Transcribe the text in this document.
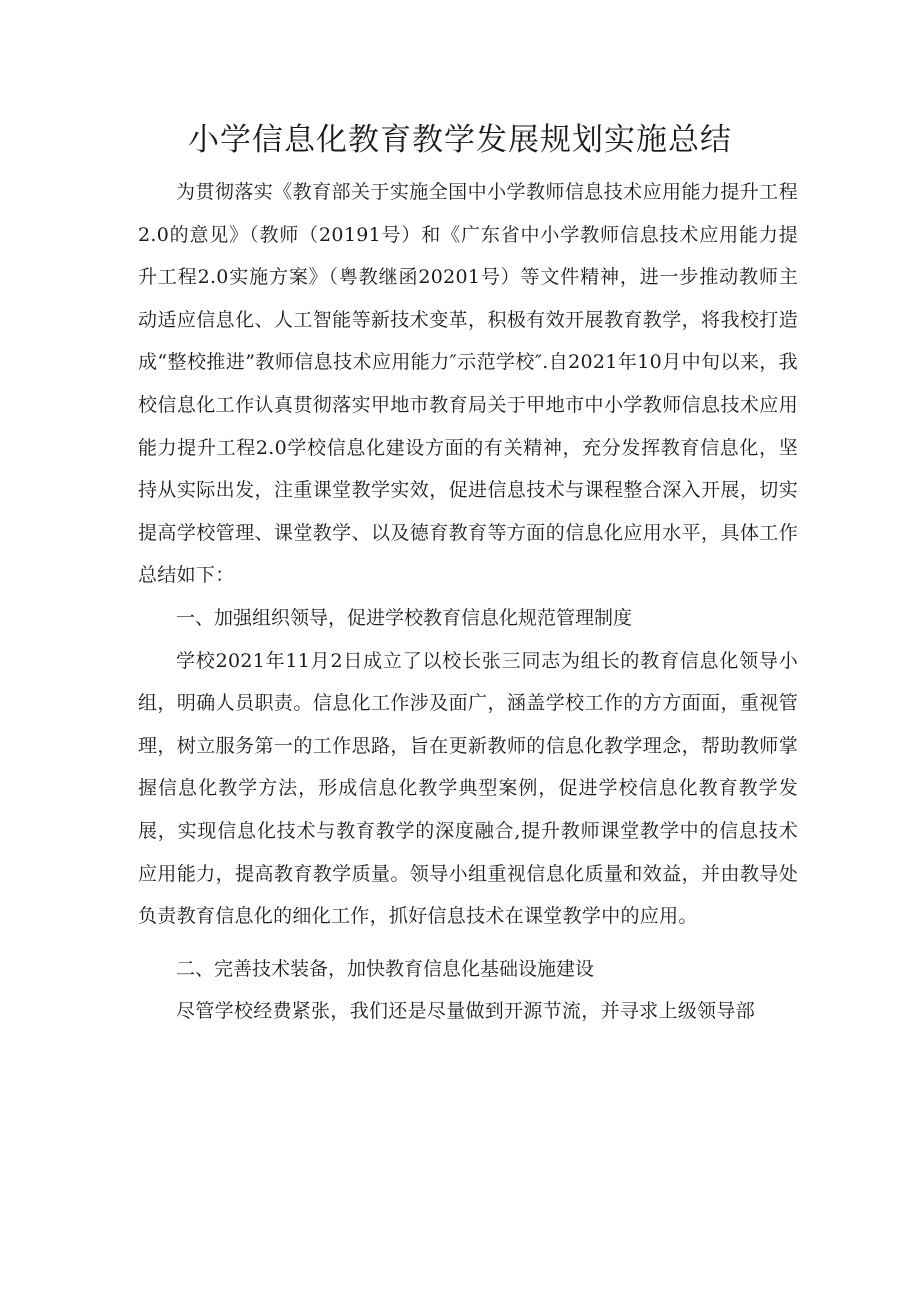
小学信息化教育教学发展规划实施总结

为贯彻落实《教育部关于实施全国中小学教师信息技术应用能力提升工程2.0的意见》（教师（20191号）和《广东省中小学教师信息技术应用能力提升工程2.0实施方案》（粤教继函20201号）等文件精神，进一步推动教师主动适应信息化、人工智能等新技术变革，积极有效开展教育教学，将我校打造成“整校推进”教师信息技术应用能力″示范学校″.自2021年10月中旬以来，我校信息化工作认真贯彻落实甲地市教育局关于甲地市中小学教师信息技术应用能力提升工程2.0学校信息化建设方面的有关精神，充分发挥教育信息化，坚持从实际出发，注重课堂教学实效，促进信息技术与课程整合深入开展，切实提高学校管理、课堂教学、以及德育教育等方面的信息化应用水平，具体工作总结如下：

一、加强组织领导，促进学校教育信息化规范管理制度

学校2021年11月2日成立了以校长张三同志为组长的教育信息化领导小组，明确人员职责。信息化工作涉及面广，涵盖学校工作的方方面面，重视管理，树立服务第一的工作思路，旨在更新教师的信息化教学理念，帮助教师掌握信息化教学方法，形成信息化教学典型案例，促进学校信息化教育教学发展，实现信息化技术与教育教学的深度融合,提升教师课堂教学中的信息技术应用能力，提高教育教学质量。领导小组重视信息化质量和效益，并由教导处负责教育信息化的细化工作，抓好信息技术在课堂教学中的应用。

二、完善技术装备，加快教育信息化基础设施建设

尽管学校经费紧张，我们还是尽量做到开源节流，并寻求上级领导部
